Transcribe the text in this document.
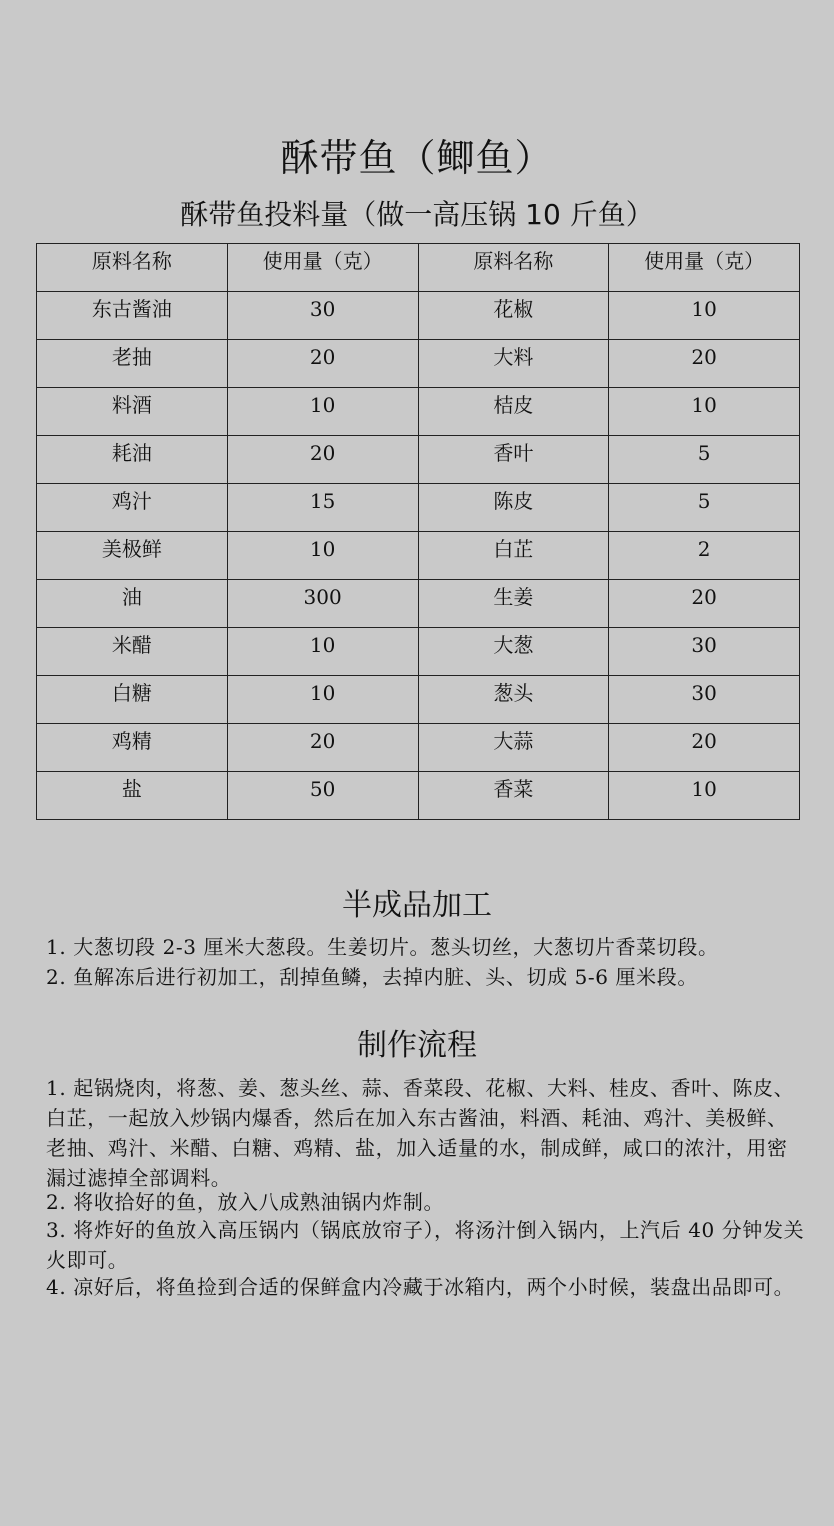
酥带鱼（鲫鱼）
酥带鱼投料量（做一高压锅 10 斤鱼）
原料名称	使用量（克）	原料名称	使用量（克）
东古酱油	30	花椒	10
老抽	20	大料	20
料酒	10	桔皮	10
耗油	20	香叶	5
鸡汁	15	陈皮	5
美极鲜	10	白芷	2
油	300	生姜	20
米醋	10	大葱	30
白糖	10	葱头	30
鸡精	20	大蒜	20
盐	50	香菜	10
半成品加工

1. 大葱切段 2-3 厘米大葱段。生姜切片。葱头切丝，大葱切片香菜切段。

2. 鱼解冻后进行初加工，刮掉鱼鳞，去掉内脏、头、切成 5-6 厘米段。

制作流程

1. 起锅烧肉，将葱、姜、葱头丝、蒜、香菜段、花椒、大料、桂皮、香叶、陈皮、白芷，一起放入炒锅内爆香，然后在加入东古酱油，料酒、耗油、鸡汁、美极鲜、老抽、鸡汁、米醋、白糖、鸡精、盐，加入适量的水，制成鲜，咸口的浓汁，用密漏过滤掉全部调料。

2. 将收拾好的鱼，放入八成熟油锅内炸制。

3. 将炸好的鱼放入高压锅内（锅底放帘子），将汤汁倒入锅内，上汽后 40 分钟发关火即可。

4. 凉好后，将鱼捡到合适的保鲜盒内冷藏于冰箱内，两个小时候，装盘出品即可。
